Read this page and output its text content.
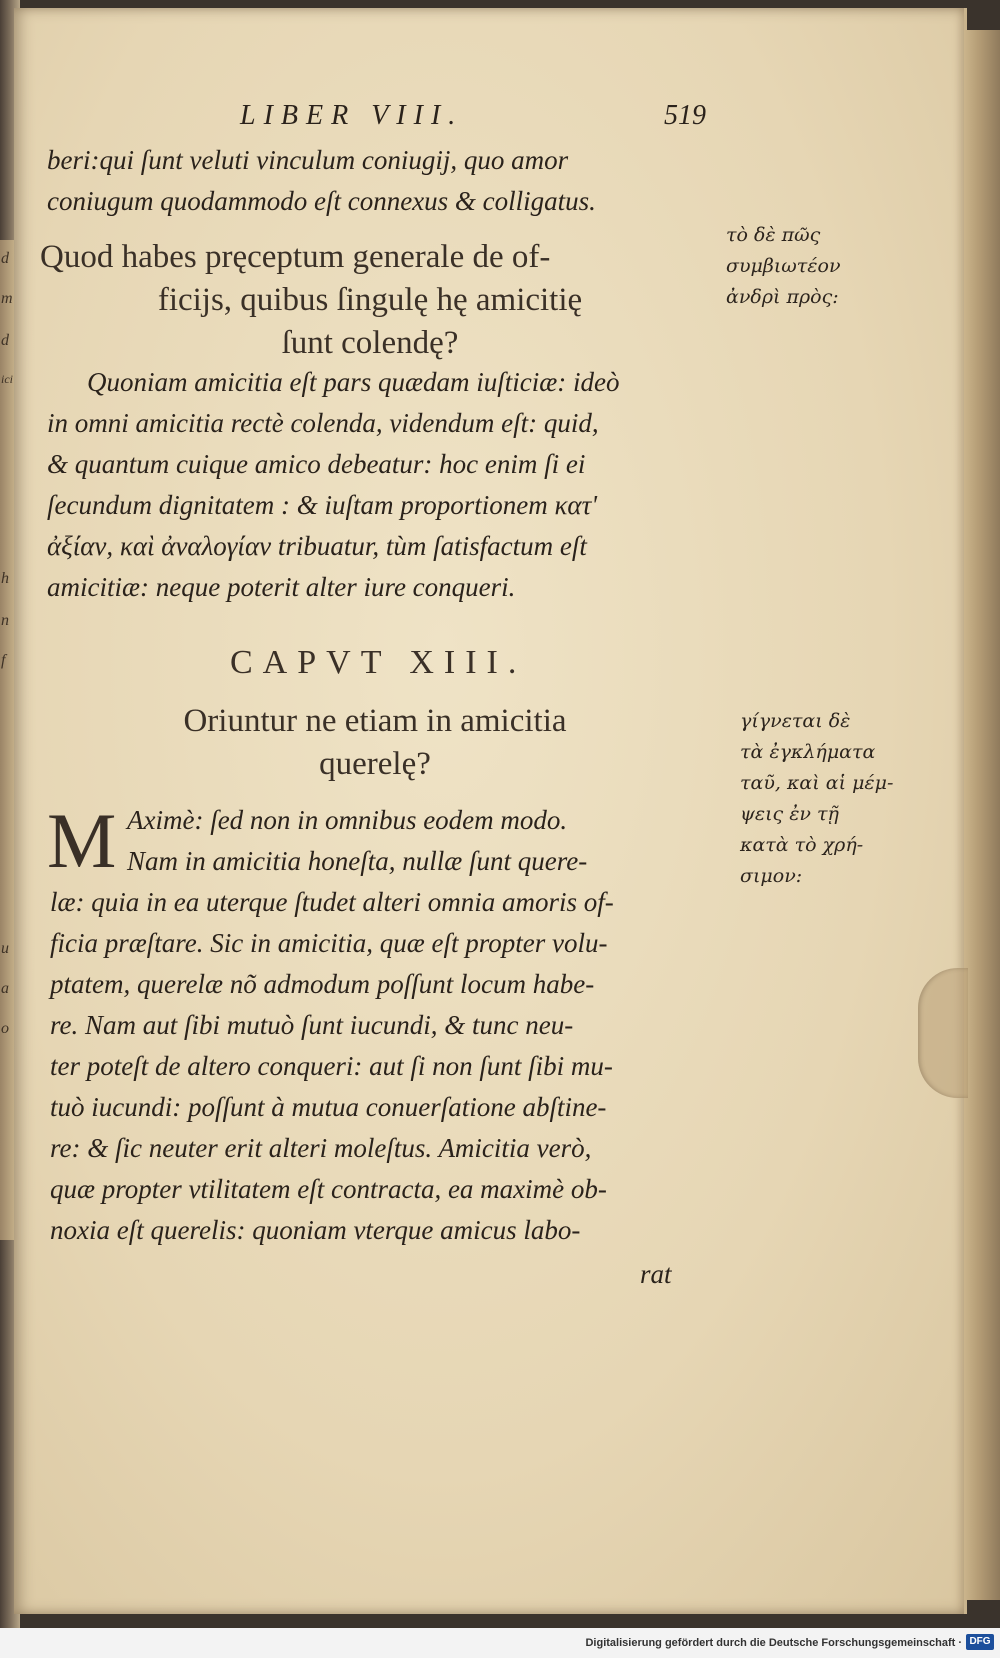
d
m
d
ici
h
n
f
u
a
o
LIBER VIII.	519
beri:qui ſunt veluti vinculum coniugij, quo amor
coniugum quodammodo eſt connexus & colligatus.
Quod habes pręceptum generale de of-
ficijs, quibus ſingulę hę amicitię
ſunt colendę?
Quoniam amicitia eſt pars quædam iuſticiæ: ideò
in omni amicitia rectè colenda, videndum eſt: quid,
& quantum cuique amico debeatur: hoc enim ſi ei
ſecundum dignitatem : & iuſtam proportionem κατ'
ἀξίαν, καὶ ἀναλογίαν tribuatur, tùm ſatisfactum eſt
amicitiæ: neque poterit alter iure conqueri.
CAPVT XIII.
Oriuntur ne etiam in amicitia
querelę?
M Aximè: ſed non in omnibus eodem modo.
Nam in amicitia honeſta, nullæ ſunt quere-
læ: quia in ea uterque ſtudet alteri omnia amoris of-
ficia præſtare. Sic in amicitia, quæ eſt propter volu-
ptatem, querelæ nõ admodum poſſunt locum habe-
re. Nam aut ſibi mutuò ſunt iucundi, & tunc neu-
ter poteſt de altero conqueri: aut ſi non ſunt ſibi mu-
tuò iucundi: poſſunt à mutua conuerſatione abſtine-
re: & ſic neuter erit alteri moleſtus. Amicitia verò,
quæ propter vtilitatem eſt contracta, ea maximè ob-
noxia eſt querelis: quoniam vterque amicus labo-
rat
τὸ δὲ πῶς
συμβιωτέον
ἀνδρὶ πρὸς:
γίγνεται δὲ
τὰ ἐγκλήματα
ταῦ, καὶ αἱ μέμ-
ψεις ἐν τῇ
κατὰ τὸ χρή-
σιμον:
Digitalisierung gefördert durch die Deutsche Forschungsgemeinschaft · DFG
